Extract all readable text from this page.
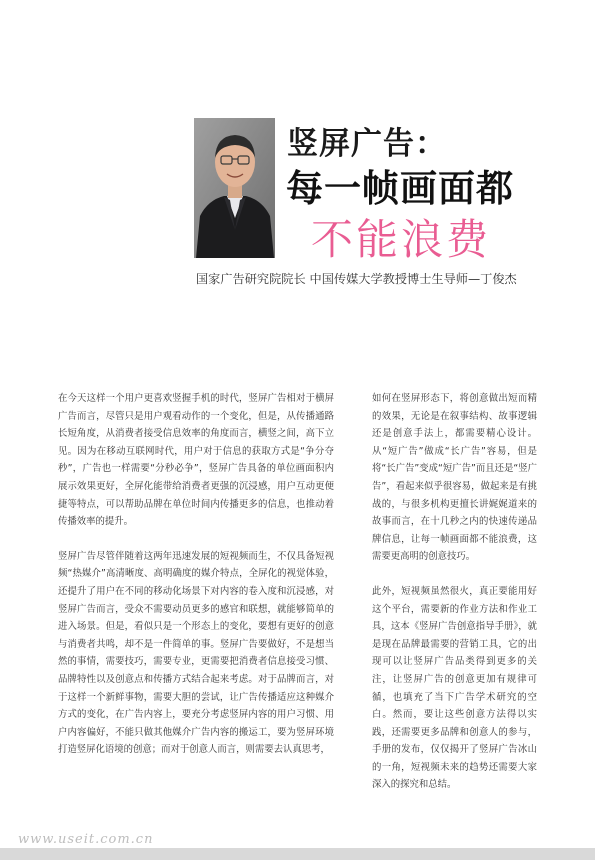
竖屏广告：
每一帧画面都
不能浪费
国家广告研究院院长 中国传媒大学教授博士生导师—丁俊杰

在今天这样一个用户更喜欢竖握手机的时代，竖屏广告相对于横屏广告而言，尽管只是用户观看动作的一个变化，但是，从传播通路长短角度，从消费者接受信息效率的角度而言，横竖之间，高下立见。因为在移动互联网时代，用户对于信息的获取方式是“争分夺秒”，广告也一样需要“分秒必争”，竖屏广告具备的单位画面积内展示效果更好，全屏化能带给消费者更强的沉浸感，用户互动更便捷等特点，可以帮助品牌在单位时间内传播更多的信息，也推动着传播效率的提升。

竖屏广告尽管伴随着这两年迅速发展的短视频而生，不仅具备短视频“热媒介”高清晰度、高明确度的媒介特点，全屏化的视觉体验，还提升了用户在不同的移动化场景下对内容的卷入度和沉浸感，对竖屏广告而言，受众不需要动员更多的感官和联想，就能够简单的进入场景。但是，看似只是一个形态上的变化，要想有更好的创意与消费者共鸣，却不是一件简单的事。竖屏广告要做好，不是想当然的事情，需要技巧，需要专业，更需要把消费者信息接受习惯、品牌特性以及创意点和传播方式结合起来考虑。对于品牌而言，对于这样一个新鲜事物，需要大胆的尝试，让广告传播适应这种媒介方式的变化，在广告内容上，要充分考虑竖屏内容的用户习惯、用户内容偏好，不能只做其他媒介广告内容的搬运工，要为竖屏环境打造竖屏化语境的创意；而对于创意人而言，则需要去认真思考，

如何在竖屏形态下，将创意做出短而精的效果，无论是在叙事结构、故事逻辑还是创意手法上，都需要精心设计。从“短广告”做成“长广告”容易，但是将“长广告”变成“短广告”而且还是“竖广告”，看起来似乎很容易，做起来是有挑战的，与很多机构更擅长讲娓娓道来的故事而言，在十几秒之内的快速传递品牌信息，让每一帧画面都不能浪费，这需要更高明的创意技巧。

此外，短视频虽然很火，真正要能用好这个平台，需要新的作业方法和作业工具，这本《竖屏广告创意指导手册》，就是现在品牌最需要的营销工具，它的出现可以让竖屏广告品类得到更多的关注，让竖屏广告的创意更加有规律可循，也填充了当下广告学术研究的空白。然而，要让这些创意方法得以实践，还需要更多品牌和创意人的参与，手册的发布，仅仅揭开了竖屏广告冰山的一角，短视频未来的趋势还需要大家深入的探究和总结。

www.useit.com.cn
